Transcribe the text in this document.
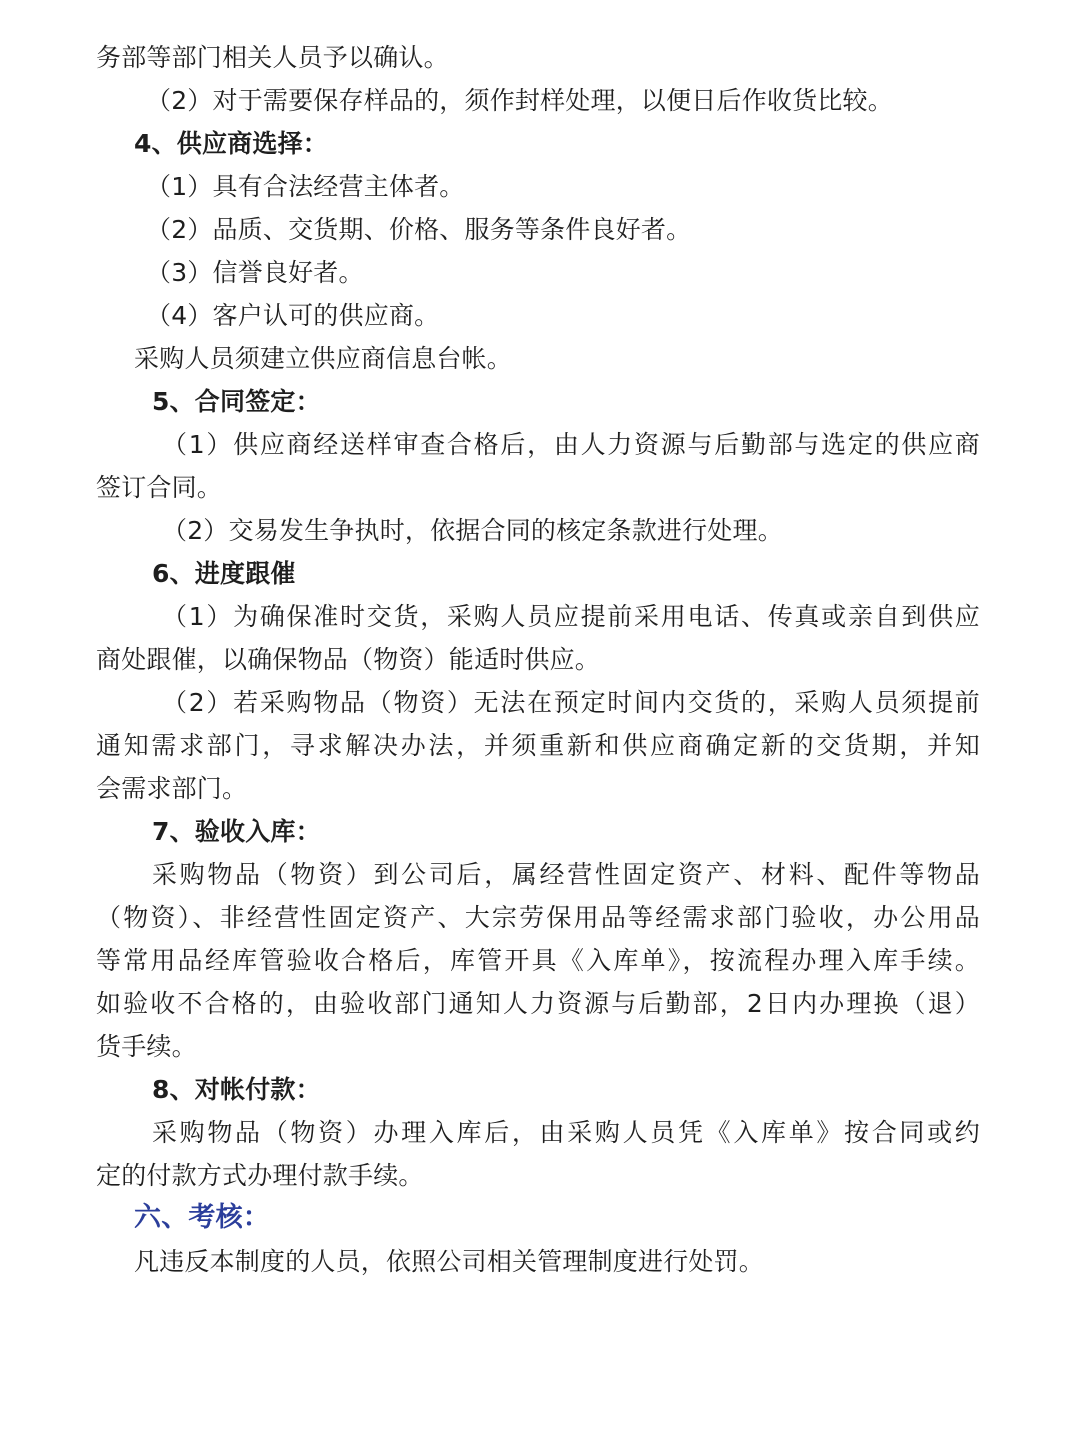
务部等部门相关人员予以确认。
（2）对于需要保存样品的，须作封样处理，以便日后作收货比较。
4、供应商选择：
（1）具有合法经营主体者。
（2）品质、交货期、价格、服务等条件良好者。
（3）信誉良好者。
（4）客户认可的供应商。
采购人员须建立供应商信息台帐。
5、合同签定：
（1）供应商经送样审查合格后，由人力资源与后勤部与选定的供应商
签订合同。
（2）交易发生争执时，依据合同的核定条款进行处理。
6、进度跟催
（1）为确保准时交货，采购人员应提前采用电话、传真或亲自到供应
商处跟催，以确保物品（物资）能适时供应。
（2）若采购物品（物资）无法在预定时间内交货的，采购人员须提前
通知需求部门，寻求解决办法，并须重新和供应商确定新的交货期，并知
会需求部门。
7、验收入库：
采购物品（物资）到公司后，属经营性固定资产、材料、配件等物品
（物资）、非经营性固定资产、大宗劳保用品等经需求部门验收，办公用品
等常用品经库管验收合格后，库管开具《入库单》，按流程办理入库手续。
如验收不合格的，由验收部门通知人力资源与后勤部，2日内办理换（退）
货手续。
8、对帐付款：
采购物品（物资）办理入库后，由采购人员凭《入库单》按合同或约
定的付款方式办理付款手续。
六、考核：
凡违反本制度的人员，依照公司相关管理制度进行处罚。
